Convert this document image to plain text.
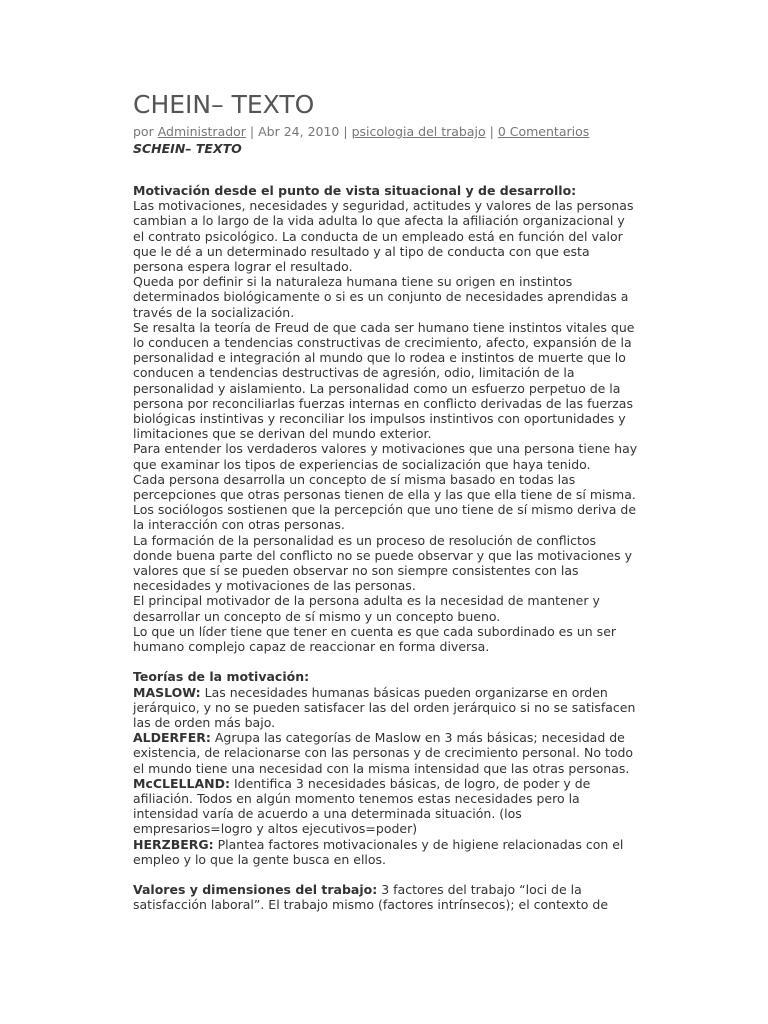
CHEIN– TEXTO
por Administrador | Abr 24, 2010 | psicologia del trabajo | 0 Comentarios
SCHEIN– TEXTO

Motivación desde el punto de vista situacional y de desarrollo:

Las motivaciones, necesidades y seguridad, actitudes y valores de las personas cambian a lo largo de la vida adulta lo que afecta la afiliación organizacional y el contrato psicológico. La conducta de un empleado está en función del valor que le dé a un determinado resultado y al tipo de conducta con que esta persona espera lograr el resultado.

Queda por definir si la naturaleza humana tiene su origen en instintos determinados biológicamente o si es un conjunto de necesidades aprendidas a través de la socialización.

Se resalta la teoría de Freud de que cada ser humano tiene instintos vitales que lo conducen a tendencias constructivas de crecimiento, afecto, expansión de la personalidad e integración al mundo que lo rodea e instintos de muerte que lo conducen a tendencias destructivas de agresión, odio, limitación de la personalidad y aislamiento. La personalidad como un esfuerzo perpetuo de la persona por reconciliarlas fuerzas internas en conflicto derivadas de las fuerzas biológicas instintivas y reconciliar los impulsos instintivos con oportunidades y limitaciones que se derivan del mundo exterior.

Para entender los verdaderos valores y motivaciones que una persona tiene hay que examinar los tipos de experiencias de socialización que haya tenido.

Cada persona desarrolla un concepto de sí misma basado en todas las percepciones que otras personas tienen de ella y las que ella tiene de sí misma.

Los sociólogos sostienen que la percepción que uno tiene de sí mismo deriva de la interacción con otras personas.

La formación de la personalidad es un proceso de resolución de conflictos donde buena parte del conflicto no se puede observar y que las motivaciones y valores que sí se pueden observar no son siempre consistentes con las necesidades y motivaciones de las personas.

El principal motivador de la persona adulta es la necesidad de mantener y desarrollar un concepto de sí mismo y un concepto bueno.

Lo que un líder tiene que tener en cuenta es que cada subordinado es un ser humano complejo capaz de reaccionar en forma diversa.

Teorías de la motivación:

MASLOW: Las necesidades humanas básicas pueden organizarse en orden jerárquico, y no se pueden satisfacer las del orden jerárquico si no se satisfacen las de orden más bajo.

ALDERFER: Agrupa las categorías de Maslow en 3 más básicas; necesidad de existencia, de relacionarse con las personas y de crecimiento personal. No todo el mundo tiene una necesidad con la misma intensidad que las otras personas.

McCLELLAND: Identifica 3 necesidades básicas, de logro, de poder y de afiliación. Todos en algún momento tenemos estas necesidades pero la intensidad varía de acuerdo a una determinada situación. (los empresarios=logro y altos ejecutivos=poder)

HERZBERG: Plantea factores motivacionales y de higiene relacionadas con el empleo y lo que la gente busca en ellos.

Valores y dimensiones del trabajo: 3 factores del trabajo “loci de la satisfacción laboral”. El trabajo mismo (factores intrínsecos); el contexto de
